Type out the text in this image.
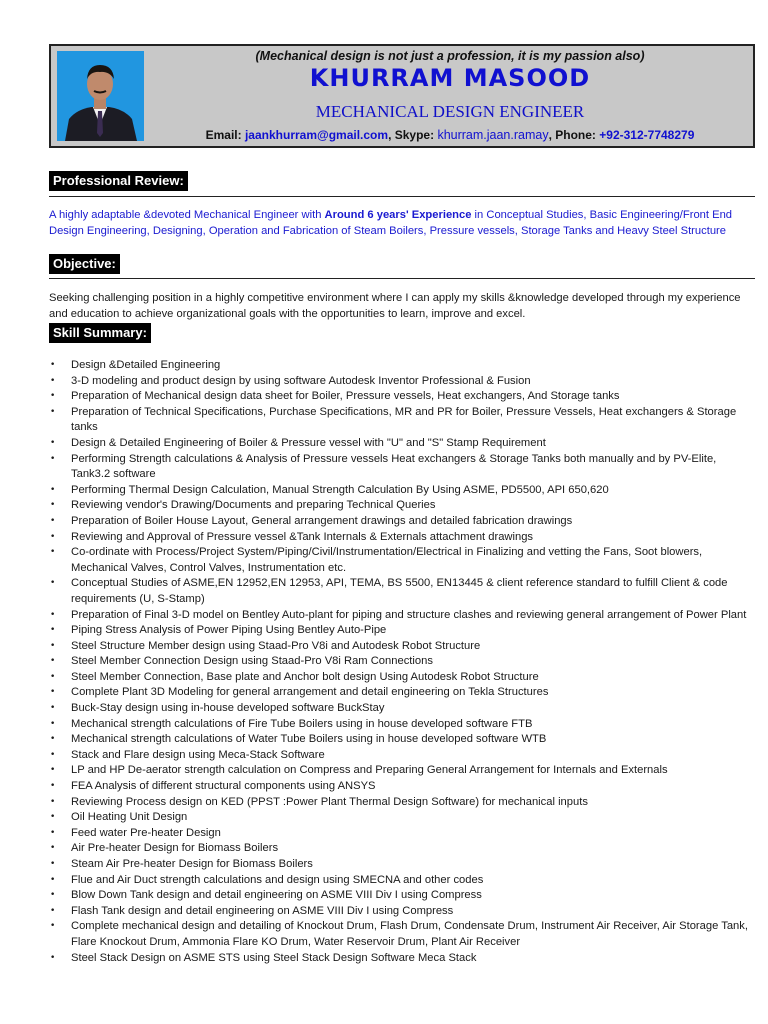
(Mechanical design is not just a profession, it is my passion also)
KHURRAM MASOOD
MECHANICAL DESIGN ENGINEER
Email: jaankhurram@gmail.com, Skype: khurram.jaan.ramay, Phone: +92-312-7748279
Professional Review:
A highly adaptable &devoted Mechanical Engineer with Around 6 years' Experience in Conceptual Studies, Basic Engineering/Front End Design Engineering, Designing, Operation and Fabrication of Steam Boilers, Pressure vessels, Storage Tanks and Heavy Steel Structure
Objective:
Seeking challenging position in a highly competitive environment where I can apply my skills &knowledge developed through my experience and education to achieve organizational goals with the opportunities to learn, improve and excel.
Skill Summary:
• Design &Detailed Engineering
• 3-D modeling and product design by using software Autodesk Inventor Professional & Fusion
• Preparation of Mechanical design data sheet for Boiler, Pressure vessels, Heat exchangers, And Storage tanks
• Preparation of Technical Specifications, Purchase Specifications, MR and PR for Boiler, Pressure Vessels, Heat exchangers & Storage tanks
• Design & Detailed Engineering of Boiler & Pressure vessel with "U" and "S" Stamp Requirement
• Performing Strength calculations & Analysis of Pressure vessels Heat exchangers & Storage Tanks both manually and by PV-Elite, Tank3.2 software
• Performing Thermal Design Calculation, Manual Strength Calculation By Using ASME, PD5500, API 650,620
• Reviewing vendor's Drawing/Documents and preparing Technical Queries
• Preparation of Boiler House Layout, General arrangement drawings and detailed fabrication drawings
• Reviewing and Approval of Pressure vessel &Tank Internals & Externals attachment drawings
• Co-ordinate with Process/Project System/Piping/Civil/Instrumentation/Electrical in Finalizing and vetting the Fans, Soot blowers, Mechanical Valves, Control Valves, Instrumentation etc.
• Conceptual Studies of ASME,EN 12952,EN 12953, API, TEMA, BS 5500, EN13445 & client reference standard to fulfill Client & code requirements (U, S-Stamp)
• Preparation of Final 3-D model on Bentley Auto-plant for piping and structure clashes and reviewing general arrangement of Power Plant
• Piping Stress Analysis of Power Piping Using Bentley Auto-Pipe
• Steel Structure Member design using Staad-Pro V8i and Autodesk Robot Structure
• Steel Member Connection Design using Staad-Pro V8i Ram Connections
• Steel Member Connection, Base plate and Anchor bolt design Using Autodesk Robot Structure
• Complete Plant 3D Modeling for general arrangement and detail engineering on Tekla Structures
• Buck-Stay design using in-house developed software BuckStay
• Mechanical strength calculations of Fire Tube Boilers using in house developed software FTB
• Mechanical strength calculations of Water Tube Boilers using in house developed software WTB
• Stack and Flare design using Meca-Stack Software
• LP and HP De-aerator strength calculation on Compress and Preparing General Arrangement for Internals and Externals
• FEA Analysis of different structural components using ANSYS
• Reviewing Process design on KED (PPST :Power Plant Thermal Design Software) for mechanical inputs
• Oil Heating Unit Design
• Feed water Pre-heater Design
• Air Pre-heater Design for Biomass Boilers
• Steam Air Pre-heater Design for Biomass Boilers
• Flue and Air Duct strength calculations and design using SMECNA and other codes
• Blow Down Tank design and detail engineering on ASME VIII Div I using Compress
• Flash Tank design and detail engineering on ASME VIII Div I using Compress
• Complete mechanical design and detailing of Knockout Drum, Flash Drum, Condensate Drum, Instrument Air Receiver, Air Storage Tank, Flare Knockout Drum, Ammonia Flare KO Drum, Water Reservoir Drum, Plant Air Receiver
• Steel Stack Design on ASME STS using Steel Stack Design Software Meca Stack
